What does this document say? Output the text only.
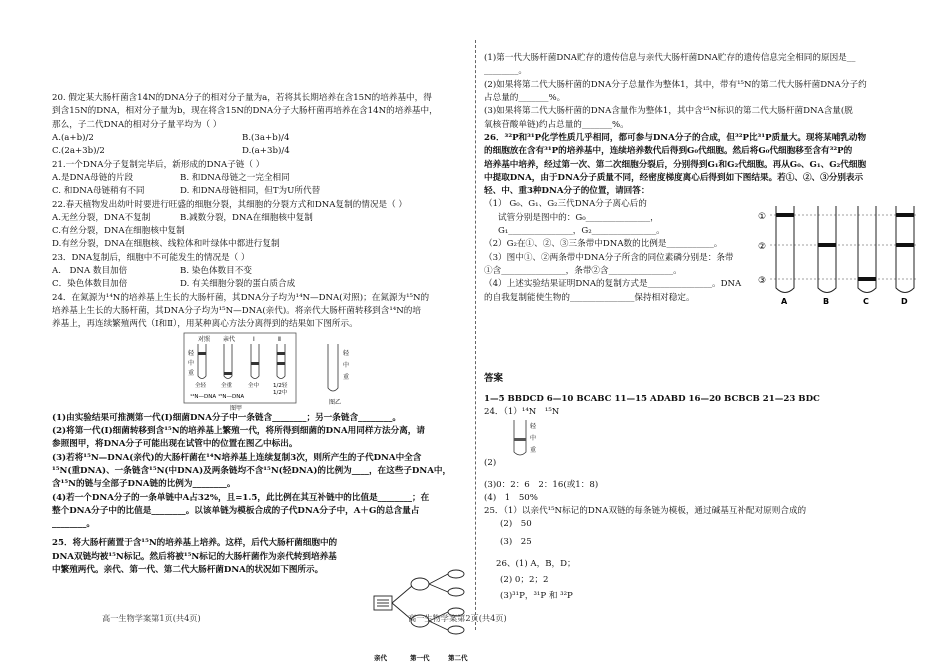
20. 假定某大肠杆菌含14N的DNA分子的相对分子量为a，若将其长期培养在含15N的培养基中，得
到含15N的DNA，相对分子量为b，现在将含15N的DNA分子大肠杆菌再培养在含14N的培养基中，
那么，子二代DNA的相对分子量平均为（ ）
A.(a+b)/2	B.(3a+b)/4
C.(2a+3b)/2	D.(a+3b)/4
21.一个DNA分子复制完毕后，新形成的DNA子链（ ）
A.是DNA母链的片段	B. 和DNA母链之一完全相同
C. 和DNA母链稍有不同	D. 和DNA母链相同，但T为U所代替
22.春天植物发出幼叶时要进行旺盛的细胞分裂，其细胞的分裂方式和DNA复制的情况是（ ）
A.无丝分裂，DNA不复制	B.减数分裂，DNA在细胞核中复制
C.有丝分裂，DNA在细胞核中复制
D.有丝分裂，DNA在细胞核、线粒体和叶绿体中都进行复制
23．DNA复制后，细胞中不可能发生的情况是（ ）
A.　DNA 数目加倍	B. 染色体数目不变
C．染色体数目加倍	D. 有关细胞分裂的蛋白质合成
24．在氮源为¹⁴N的培养基上生长的大肠杆菌，其DNA分子均为¹⁴N—DNA(对照)；在氮源为¹⁵N的
培养基上生长的大肠杆菌，其DNA分子均为¹⁵N—DNA(亲代)。将亲代大肠杆菌转移到含¹⁴N的培
养基上，再连续繁殖两代（Ⅰ和Ⅱ），用某种离心方法分离得到的结果如下图所示。
对照 亲代	Ⅰ	Ⅱ
轻
中
重
全轻	全重	全中	1/2轻
1/2中
¹⁴N—DNA ¹⁵N—DNA
图甲
轻
中
重
图乙
(1)由实验结果可推测第一代(Ⅰ)细菌DNA分子中一条链含________；另一条链含________。
(2)将第一代(Ⅰ)细菌转移到含¹⁵N的培养基上繁殖一代，将所得到细菌的DNA用同样方法分离，请
参照图甲，将DNA分子可能出现在试管中的位置在图乙中标出。
(3)若将¹⁵N—DNA(亲代)的大肠杆菌在¹⁴N培养基上连续复制3次，则所产生的子代DNA中全含
¹⁵N(重DNA)、一条链含¹⁵N(中DNA)及两条链均不含¹⁵N(轻DNA)的比例为____，在这些子DNA中，
含¹⁵N的链与全部子DNA链的比例为________。
(4)若一个DNA分子的一条单链中A占32%，且=1.5，此比例在其互补链中的比值是________；在
整个DNA分子中的比值是________。以该单链为模板合成的子代DNA分子中，A＋G的总含量占
________。
25．将大肠杆菌置于含¹⁵N的培养基上培养。这样，后代大肠杆菌细胞中的
DNA双链均被¹⁵N标记。然后将被¹⁵N标记的大肠杆菌作为亲代转到培养基
中繁殖两代。亲代、第一代、第二代大肠杆菌DNA的状况如下图所示。
亲代	第一代	第二代
(1)第一代大肠杆菌DNA贮存的遗传信息与亲代大肠杆菌DNA贮存的遗传信息完全相同的原因是__
________。
(2)如果将第二代大肠杆菌的DNA分子总量作为整体1，其中，带有¹⁵N的第二代大肠杆菌DNA分子约
占总量的_______%。
(3)如果将第二代大肠杆菌的DNA含量作为整体1，其中含¹⁵N标识的第二代大肠杆菌DNA含量(脱
氧核苷酸单链)约占总量的_______%。
26．³²P和³¹P化学性质几乎相同，都可参与DNA分子的合成，但³²P比³¹P质量大。现将某哺乳动物
的细胞放在含有³¹P的培养基中，连续培养数代后得到G₀代细胞。然后将G₀代细胞移至含有³²P的
培养基中培养，经过第一次、第二次细胞分裂后，分别得到G₁和G₂代细胞。再从G₀、G₁、G₂代细胞
中提取DNA，由于DNA分子质量不同，经密度梯度离心后得到如下图结果。若①、②、③分别表示
轻、中、重3种DNA分子的位置，请回答：
（1） G₀、G₁、G₂三代DNA分子离心后的
试管分别是图中的：G₀_______________，
G₁_______________，G₂_______________。
（2）G₂在①、②、③三条带中DNA数的比例是___________。
（3）图中①、②两条带中DNA分子所含的同位素磷分别是：条带
①含_______________，条带②含_______________。
（4）上述实验结果证明DNA的复制方式是_______________。DNA
的自我复制能使生物的_______________保持相对稳定。
①
②
③
A	B	C	D
答案
1—5 BBDCD 6—10 BCABC 11—15 ADABD 16—20 BCBCB 21—23 BDC
24．（1）¹⁴N　¹⁵N
轻
中
重
(2)
(3)0：2：6　2：16(或1：8)
(4)　1　50%
25．（1）以亲代¹⁵N标记的DNA双链的每条链为模板，通过碱基互补配对原则合成的
(2)　50
(3)　25
26、(1) A，B，D；
(2) 0；2；2
(3)³¹P，³¹P 和 ³²P
高一生物学案第1页(共4页)	高一生物学案第2页(共4页)
